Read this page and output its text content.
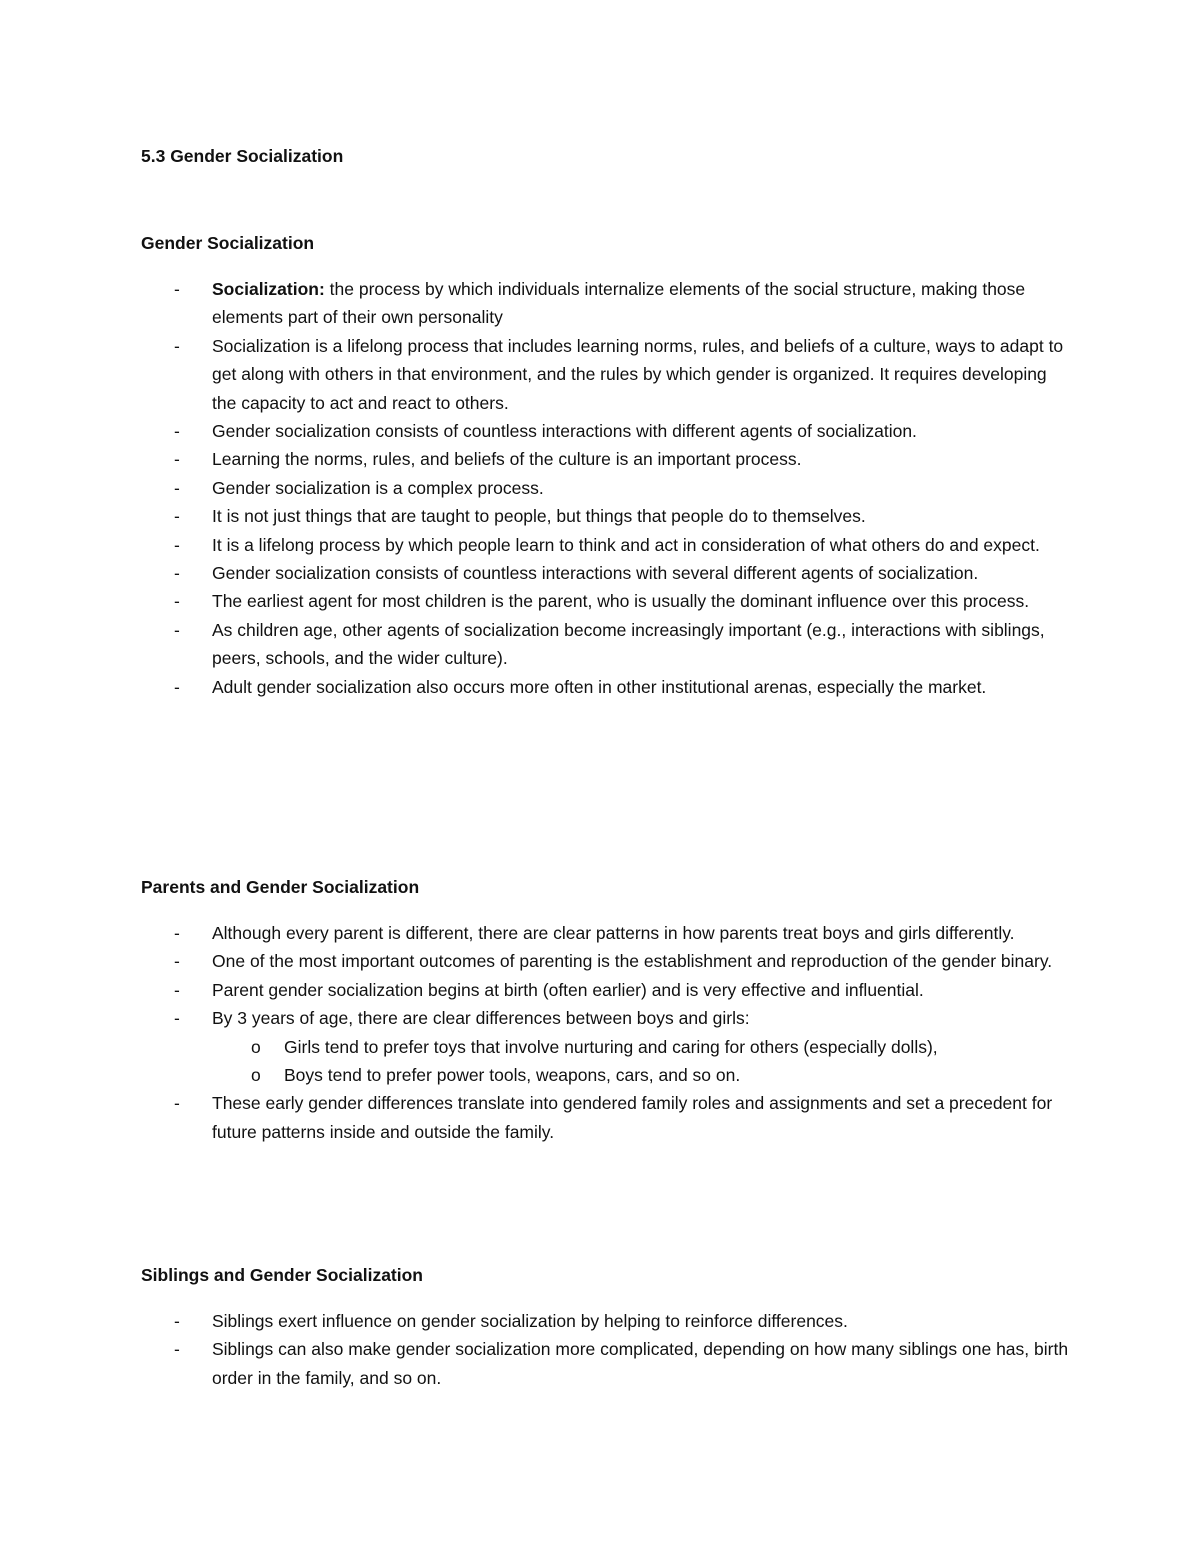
5.3 Gender Socialization
Gender Socialization
- Socialization: the process by which individuals internalize elements of the social structure, making those elements part of their own personality
- Socialization is a lifelong process that includes learning norms, rules, and beliefs of a culture, ways to adapt to get along with others in that environment, and the rules by which gender is organized. It requires developing the capacity to act and react to others.
- Gender socialization consists of countless interactions with different agents of socialization.
- Learning the norms, rules, and beliefs of the culture is an important process.
- Gender socialization is a complex process.
- It is not just things that are taught to people, but things that people do to themselves.
- It is a lifelong process by which people learn to think and act in consideration of what others do and expect.
- Gender socialization consists of countless interactions with several different agents of socialization.
- The earliest agent for most children is the parent, who is usually the dominant influence over this process.
- As children age, other agents of socialization become increasingly important (e.g., interactions with siblings, peers, schools, and the wider culture).
- Adult gender socialization also occurs more often in other institutional arenas, especially the market.
Parents and Gender Socialization
- Although every parent is different, there are clear patterns in how parents treat boys and girls differently.
- One of the most important outcomes of parenting is the establishment and reproduction of the gender binary.
- Parent gender socialization begins at birth (often earlier) and is very effective and influential.
- By 3 years of age, there are clear differences between boys and girls:
o Girls tend to prefer toys that involve nurturing and caring for others (especially dolls),
o Boys tend to prefer power tools, weapons, cars, and so on.
- These early gender differences translate into gendered family roles and assignments and set a precedent for future patterns inside and outside the family.
Siblings and Gender Socialization
- Siblings exert influence on gender socialization by helping to reinforce differences.
- Siblings can also make gender socialization more complicated, depending on how many siblings one has, birth order in the family, and so on.
